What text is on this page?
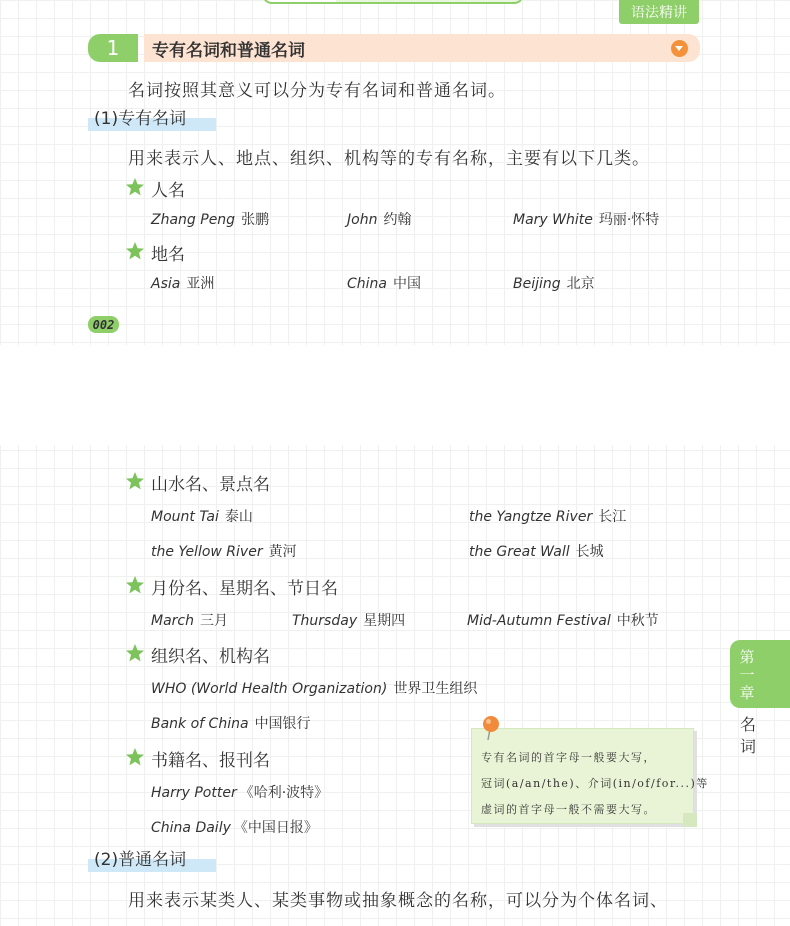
语法精讲
1	专有名词和普通名词
名词按照其意义可以分为专有名词和普通名词。
(1)专有名词
用来表示人、地点、组织、机构等的专有名称，主要有以下几类。
人名
Zhang Peng 张鹏	John 约翰	Mary White 玛丽·怀特
地名
Asia 亚洲	China 中国	Beijing 北京
002
山水名、景点名
Mount Tai 泰山	the Yangtze River 长江
the Yellow River 黄河	the Great Wall 长城
月份名、星期名、节日名
March 三月	Thursday 星期四	Mid-Autumn Festival 中秋节
组织名、机构名
WHO (World Health Organization) 世界卫生组织
Bank of China 中国银行
书籍名、报刊名
Harry Potter 《哈利·波特》
China Daily 《中国日报》
专有名词的首字母一般要大写，
冠词(a/an/the)、介词(in/of/for...)等
虚词的首字母一般不需要大写。
第
一
章
名
词
(2)普通名词
用来表示某类人、某类事物或抽象概念的名称，可以分为个体名词、
